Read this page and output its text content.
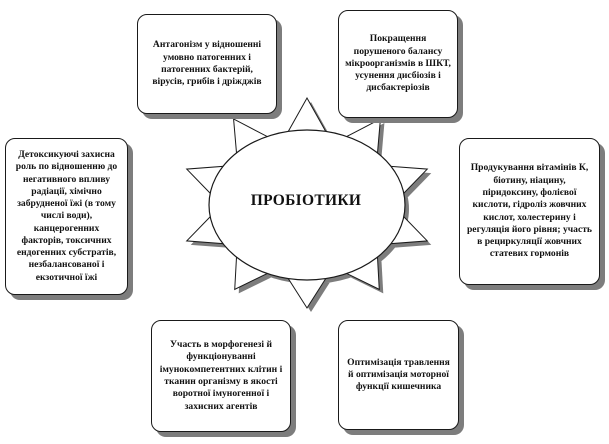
ПРОБІОТИКИ
Антагонізм у відношенні умовно патогенних і патогенних бактерій, вірусів, грибів і дріжджів
Покращення порушеного балансу мікроорганізмів в ШКТ, усунення дисбіозів і дисбактеріозів
Детоксикуючі захисна роль по відношенню до негативного впливу радіації, хімічно забрудненої їжі (в тому числі води), канцерогенних факторів, токсичних ендогенних субстратів, незбалансованої і екзотичної їжі
Продукування вітамінів К, біотину, ніацину, піридоксину, фолієвої кислоти, гідроліз жовчних кислот, холестерину і регуляція його рівня; участь в рециркуляції жовчних статевих гормонів
Участь в морфогенезі й функціонуванні імунокомпетентних клітин і тканин організму в якості воротної імуногенної і захисних агентів
Оптимізація травлення й оптимізація моторної функції кишечника
